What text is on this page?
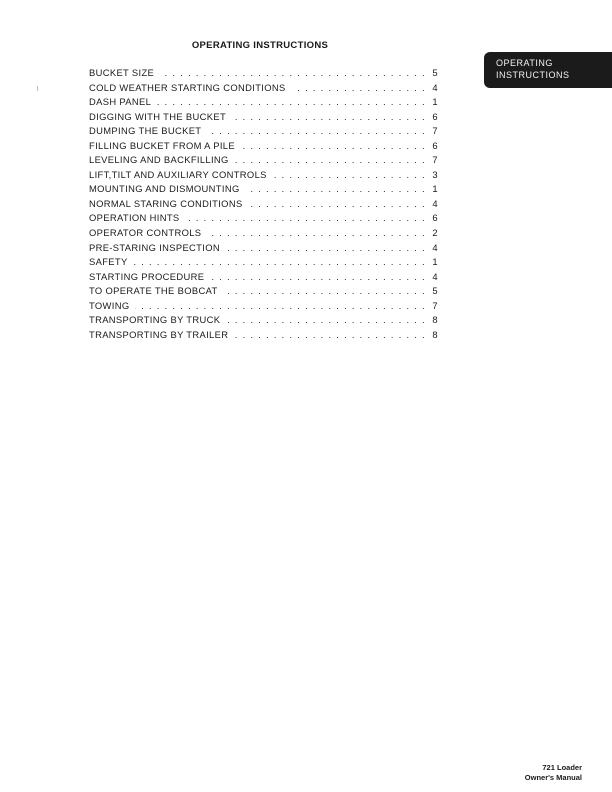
OPERATING INSTRUCTIONS
OPERATING
INSTRUCTIONS
BUCKET SIZE . . .	5
COLD WEATHER STARTING CONDITIONS . . .	4
DASH PANEL . . .	1
DIGGING WITH THE BUCKET . . .	6
DUMPING THE BUCKET . . .	7
FILLING BUCKET FROM A PILE . . .	6
LEVELING AND BACKFILLING . . .	7
LIFT,TILT AND AUXILIARY CONTROLS . . .	3
MOUNTING AND DISMOUNTING . . .	1
NORMAL STARING CONDITIONS . . .	4
OPERATION HINTS . . .	6
OPERATOR CONTROLS . . .	2
PRE-STARING INSPECTION . . .	4
SAFETY . . .	1
STARTING PROCEDURE . . .	4
TO OPERATE THE BOBCAT . . .	5
TOWING . . .	7
TRANSPORTING BY TRUCK . . .	8
TRANSPORTING BY TRAILER . . .	8
721 Loader
Owner's Manual
